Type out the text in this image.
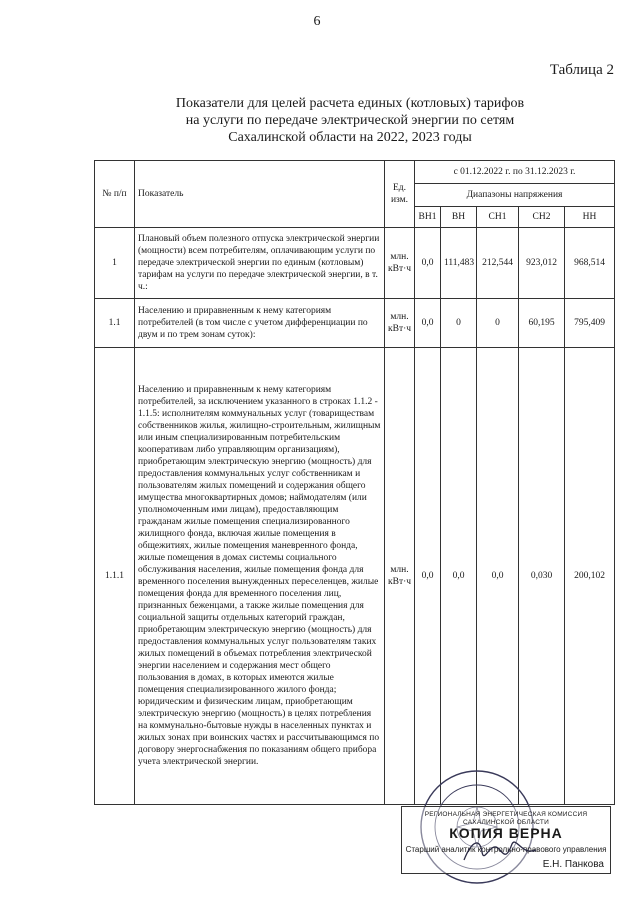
6
Таблица 2
Показатели для целей расчета единых (котловых) тарифов
на услуги по передаче электрической энергии по сетям
Сахалинской области на 2022, 2023 годы
№ п/п	Показатель	Ед. изм.	с 01.12.2022 г. по 31.12.2023 г.				
			Диапазоны напряжения				
			ВН1	ВН	СН1	СН2	НН
1	Плановый объем полезного отпуска электрической энергии (мощности) всем потребителям, оплачивающим услуги по передаче электрической энергии по единым (котловым) тарифам на услуги по передаче электрической энергии, в т. ч.:	млн. кВт·ч	0,0	111,483	212,544	923,012	968,514
1.1	Населению и приравненным к нему категориям потребителей (в том числе с учетом дифференциации по двум и по трем зонам суток):	млн. кВт·ч	0,0	0	0	60,195	795,409
1.1.1	Населению и приравненным к нему категориям потребителей, за исключением указанного в строках 1.1.2 - 1.1.5: исполнителям коммунальных услуг (товариществам собственников жилья, жилищно-строительным, жилищным или иным специализированным потребительским кооперативам либо управляющим организациям), приобретающим электрическую энергию (мощность) для предоставления коммунальных услуг собственникам и пользователям жилых помещений и содержания общего имущества многоквартирных домов; наймодателям (или уполномоченным ими лицам), предоставляющим гражданам жилые помещения специализированного жилищного фонда, включая жилые помещения в общежитиях, жилые помещения маневренного фонда, жилые помещения в домах системы социального обслуживания населения, жилые помещения фонда для временного поселения вынужденных переселенцев, жилые помещения фонда для временного поселения лиц, признанных беженцами, а также жилые помещения для социальной защиты отдельных категорий граждан, приобретающим электрическую энергию (мощность) для предоставления коммунальных услуг пользователям таких жилых помещений в объемах потребления электрической энергии населением и содержания мест общего пользования в домах, в которых имеются жилые помещения специализированного жилого фонда; юридическим и физическим лицам, приобретающим электрическую энергию (мощность) в целях потребления на коммунально-бытовые нужды в населенных пунктах и жилых зонах при воинских частях и рассчитывающимся по договору энергоснабжения по показаниям общего прибора учета электрической энергии.	млн. кВт·ч	0,0	0,0	0,0	0,030	200,102
РЕГИОНАЛЬНАЯ ЭНЕРГЕТИЧЕСКАЯ КОМИССИЯ САХАЛИНСКОЙ ОБЛАСТИ
КОПИЯ ВЕРНА
Старший аналитик контрольно-правового управления
Е.Н. Панкова
